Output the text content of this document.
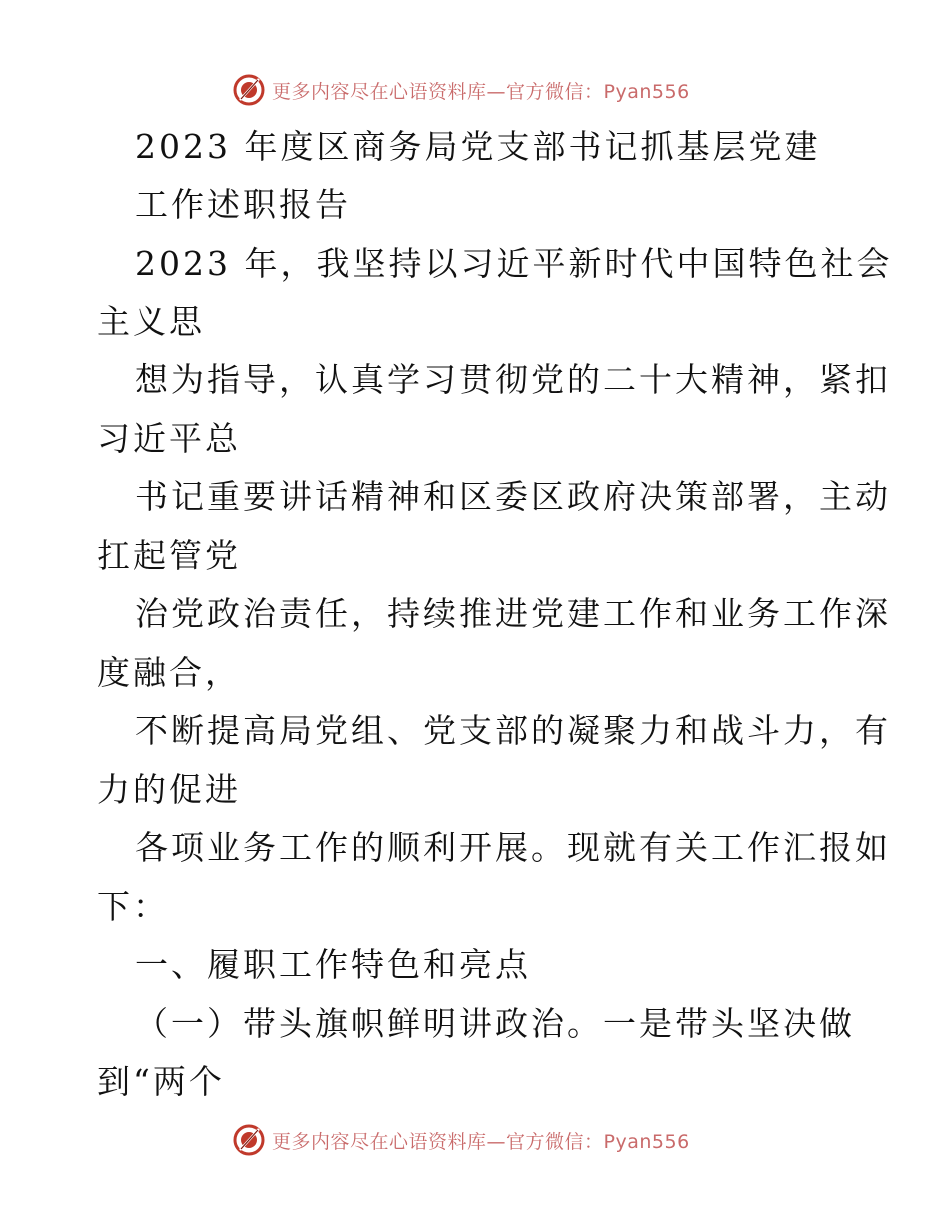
更多内容尽在心语资料库—官方微信：Pyan556
2023 年度区商务局党支部书记抓基层党建
工作述职报告
2023 年，我坚持以习近平新时代中国特色社会
主义思
想为指导，认真学习贯彻党的二十大精神，紧扣
习近平总
书记重要讲话精神和区委区政府决策部署，主动
扛起管党
治党政治责任，持续推进党建工作和业务工作深
度融合，
不断提高局党组、党支部的凝聚力和战斗力，有
力的促进
各项业务工作的顺利开展。现就有关工作汇报如
下：
一、履职工作特色和亮点
（一）带头旗帜鲜明讲政治。一是带头坚决做
到“两个
更多内容尽在心语资料库—官方微信：Pyan556
